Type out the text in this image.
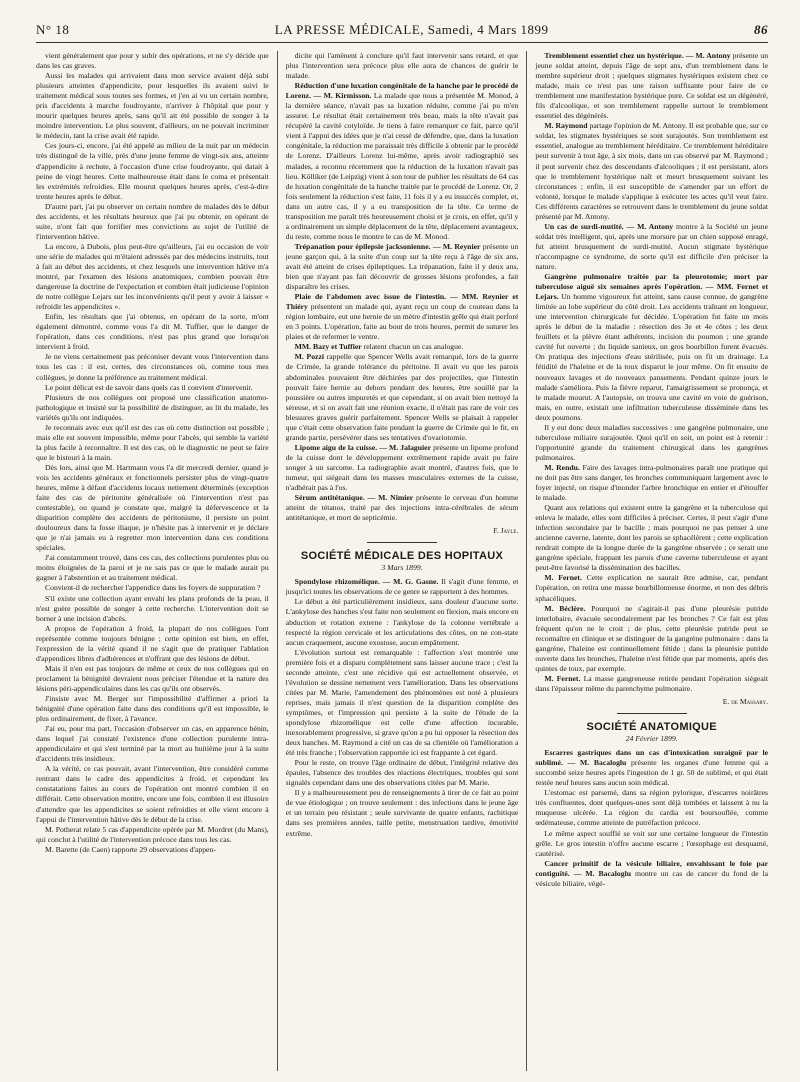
N° 18	LA PRESSE MÉDICALE, Samedi, 4 Mars 1899	86

vient généralement que pour y subir des opérations, et ne s'y décide que dans les cas graves.

Aussi les malades qui arrivaient dans mon service avaient déjà subi plusieurs atteintes d'appendicite, pour lesquelles ils avaient suivi le traitement médical sous toutes ses formes, et j'en ai vu un certain nombre, pris d'accidents à marche foudroyante, n'arriver à l'hôpital que pour y mourir quelques heures après, sans qu'il ait été possible de songer à la moindre intervention. Le plus souvent, d'ailleurs, on ne pouvait incriminer le médecin, tant la crise avait été rapide.

Ces jours-ci, encore, j'ai été appelé au milieu de la nuit par un médecin très distingué de la ville, près d'une jeune femme de vingt-six ans, atteinte d'appendicite à rechute, à l'occasion d'une crise foudroyante, qui datait à peine de vingt heures. Cette malheureuse était dans le coma et présentait les extrémités refroidies. Elle mourut quelques heures après, c'est-à-dire trente heures après le début.

D'autre part, j'ai pu observer un certain nombre de malades dès le début des accidents, et les résultats heureux que j'ai pu obtenir, en opérant de suite, n'ont fait que fortifier mes convictions au sujet de l'utilité de l'intervention hâtive.

La encore, à Dubois, plus peut-être qu'ailleurs, j'ai eu occasion de voir une série de malades qui m'étaient adressés par des médecins instruits, tout à fait au début des accidents, et chez lesquels une intervention hâtive m'a montré, par l'examen des lésions anatomiques, combien pouvait être dangereuse la doctrine de l'expectation et combien était judicieuse l'opinion de notre collègue Lejars sur les inconvénients qu'il peut y avoir à laisser « refroidir les appendicites ».

Enfin, les résultats que j'ai obtenus, en opérant de la sorte, m'ont également démontré, comme vous l'a dit M. Tuffier, que le danger de l'opération, dans ces conditions, n'est pas plus grand que lorsqu'on intervient à froid.

Je ne viens certainement pas préconiser devant vous l'intervention dans tous les cas : il est, certes, des circonstances où, comme tous mes collègues, je donne la préférence au traitement médical.

Le point délicat est de savoir dans quels cas il convient d'intervenir.

Plusieurs de nos collègues ont proposé une classification anatomo-pathologique et insisté sur la possibilité de distinguer, au lit du malade, les variétés qu'ils ont indiquées.

Je reconnais avec eux qu'il est des cas où cette distinction est possible ; mais elle est souvent impossible, même pour l'abcès, qui semble la variété la plus facile à reconnaître. Il est des cas, où le diagnostic ne peut se faire que le bistouri à la main.

Dès lors, ainsi que M. Hartmann vous l'a dit mercredi dernier, quand je vois les accidents généraux et fonctionnels persister plus de vingt-quatre heures, même à défaut d'accidents locaux nettement déterminés (exception faite des cas de péritonite généralisée où l'intervention n'est pas contestable), ou quand je constate que, malgré la défervescence et la disparition complète des accidents de péritonisme, il persiste un point douloureux dans la fosse iliaque, je n'hésite pas à intervenir et je déclare que je n'ai jamais eu à regretter mon intervention dans ces conditions spéciales.

J'ai constamment trouvé, dans ces cas, des collections purulentes plus ou moins éloignées de la paroi et je ne sais pas ce que le malade aurait pu gagner à l'abstention et au traitement médical.

Convient-il de rechercher l'appendice dans les foyers de suppuration ?

S'il existe une collection ayant envahi les plans profonds de la peau, il n'est guère possible de songer à cette recherche. L'intervention doit se borner à une incision d'abcès.

A propos de l'opération à froid, la plupart de nos collègues l'ont représentée comme toujours bénigne ; cette opinion est bien, en effet, l'expression de la vérité quand il ne s'agit que de pratiquer l'ablation d'appendices libres d'adhérences et n'offrant que des lésions de début.

Mais il n'en est pas toujours de même et ceux de nos collègues qui en proclament la bénignité devraient nous préciser l'étendue et la nature des lésions péri-appendiculaires dans les cas qu'ils ont observés.

J'insiste avec M. Berger sur l'impossibilité d'affirmer a priori la bénignité d'une opération faite dans des conditions qu'il est impossible, le plus ordinairement, de fixer, à l'avance.

J'ai eu, pour ma part, l'occasion d'observer un cas, en apparence bénin, dans lequel j'ai constaté l'existence d'une collection purulente intra-appendiculaire et qui s'est terminé par la mort au huitième jour à la suite d'accidents très insidieux.

A la vérité, ce cas pouvait, avant l'intervention, être considéré comme rentrant dans le cadre des appendicites à froid, et cependant les constatations faites au cours de l'opération ont montré combien il en différait. Cette observation montre, encore une fois, combien il est illusoire d'attendre que les appendicites se soient refroidies et elle vient encore à l'appui de l'intervention hâtive dès le début de la crise.

M. Potherat relate 5 cas d'appendicite opérée par M. Mordret (du Mans), qui conclut à l'utilité de l'intervention précoce dans tous les cas.

M. Barette (de Caen) rapporte 29 observations d'appen-

dicite qui l'amènent à conclure qu'il faut intervenir sans retard, et que plus l'intervention sera précoce plus elle aura de chances de guérir le malade.

Réduction d'une luxation congénitale de la hanche par le procédé de Lorenz. — M. Kirmisson. La malade que nous a présentée M. Monod, à la dernière séance, n'avait pas sa luxation réduite, comme j'ai pu m'en assurer. Le résultat était certainement très beau, mais la tête n'avait pas récupéré la cavité cotyloïde. Je tiens à faire remarquer ce fait, parce qu'il vient à l'appui des idées que je n'ai cessé de défendre, que, dans la luxation congénitale, la réduction me paraissait très difficile à obtenir par le procédé de Lorenz. D'ailleurs Lorenz lui-même, après avoir radiographié ses malades, a reconnu récemment que la réduction de la luxation n'avait pas lieu. Kölliker (de Leipzig) vient à son tour de publier les résultats de 64 cas de luxation congénitale de la hanche traitée par le procédé de Lorenz. Or, 2 fois seulement la réduction s'est faite, 11 fois il y a eu insuccès complet, et, dans un autre cas, il y a eu transposition de la tête. Ce terme de transposition me paraît très heureusement choisi et je crois, en effet, qu'il y a ordinairement un simple déplacement de la tête, déplacement avantageux, du reste, comme nous le montre le cas de M. Monod.

Trépanation pour épilepsie jacksonienne. — M. Reynier présente un jeune garçon qui, à la suite d'un coup sur la tête reçu à l'âge de six ans, avait été atteint de crises épileptiques. La trépanation, faite il y deux ans, bien que n'ayant pas fait découvrir de grosses lésions profondes, a fait disparaître les crises.

Plaie de l'abdomen avec issue de l'intestin. — MM. Reynier et Thiéry présentent un malade qui, ayant reçu un coup de couteau dans la région lombaire, eut une hernie de un mètre d'intestin grêle qui était perforé en 3 points. L'opération, faite au bout de trois heures, permit de suturer les plaies et de refermer le ventre.

MM. Bazy et Tuffier relatent chacun un cas analogue.

M. Pozzi rappelle que Spencer Wells avait remarqué, lors de la guerre de Crimée, la grande tolérance du péritoine. Il avait vu que les parois abdominales pouvaient être déchirées par des projectiles, que l'intestin pouvait faire hernie au dehors pendant des heures, être souillé par la poussière ou autres impuretés et que cependant, si on avait bien nettoyé la séreuse, et si on avait fait une réunion exacte, il n'était pas rare de voir ces blessures graves guérir parfaitement. Spencer Wells se plaisait à rappeler que c'était cette observation faite pendant la guerre de Crimée qui le fit, en grande partie, persévérer dans ses tentatives d'ovariotomie.

Lipome aigu de la cuisse. — M. Jalaguier présente un lipome profond de la cuisse dont le développement extrêmement rapide avait pu faire songer à un sarcome. La radiographie avait montré, d'autres fois, que le tumeur, qui siégeait dans les masses musculaires externes de la cuisse, n'adhérait pas à l'os.

Sérum antitétanique. — M. Nimier présente le cerveau d'un homme atteint de tétanos, traité par des injections intra-cérébrales de sérum antitétanique, et mort de septicémie.

F. Jayle.
SOCIÉTÉ MÉDICALE DES HOPITAUX
3 Mars 1899.

Spondylose rhizomélique. — M. G. Gasne. Il s'agit d'une femme, et jusqu'ici toutes les observations de ce genre se rapportent à des hommes.

Le début a été particulièrement insidieux, sans douleur d'aucune sorte. L'ankylose des hanches s'est faite non seulement en flexion, mais encore en abduction et rotation externe : l'ankylose de la colonne vertébrale a respecté la région cervicale et les articulations des côtes, on ne con-state aucun craquement, aucune exostose, aucun empâtement.

L'évolution surtout est remarquable : l'affection s'est montrée une première fois et a disparu complètement sans laisser aucune trace ; c'est la seconde atteinte, c'est une récidive qui est actuellement observée, et l'évolution se dessine nettement vers l'amélioration. Dans les observations citées par M. Marie, l'amendement des phénomènes est noté à plusieurs reprises, mais jamais il n'est question de la disparition complète des symptômes, et l'impression qui persiste à la suite de l'étude de la spondylose rhizomélique est celle d'une affection incurable, inexorablement progressive, si grave qu'on a pu lui opposer la résection des deux hanches. M. Raymond a cité un cas de sa clientèle où l'amélioration a été très franche ; l'observation rapportée ici est frappante à cet égard.

Pour le reste, on trouve l'âge ordinaire de début, l'intégrité relative des épaules, l'absence des troubles des réactions électriques, troubles qui sont signalés cependant dans une des observations citées par M. Marie.

Il y a malheureusement peu de renseignements à tirer de ce fait au point de vue étiologique ; on trouve seulement : des infections dans le jeune âge et un terrain peu résistant ; seule survivante de quatre enfants, rachitique dans ses premières années, taille petite, menstruation tardive, émotivité extrême.

Tremblement essentiel chez un hystérique. — M. Antony présente un jeune soldat atteint, depuis l'âge de sept ans, d'un tremblement dans le membre supérieur droit ; quelques stigmates hystériques existent chez ce malade, mais ce n'est pas une raison suffisante pour faire de ce tremblement une manifestation hystérique pure. Ce soldat est un dégénéré, fils d'alcoolique, et son tremblement rappelle surtout le tremblement essentiel des dégénérés.

M. Raymond partage l'opinion de M. Antony. Il est probable que, sur ce soldat, les stigmates hystériques se sont surajoutés. Son tremblement est essentiel, analogue au tremblement héréditaire. Ce tremblement héréditaire peut survenir à tout âge, à six mois, dans un cas observé par M. Raymond ; il peut survenir chez des descendants d'alcooliques ; il est persistant, alors que le tremblement hystérique naît et meurt brusquement suivant les circonstances ; enfin, il est susceptible de s'amender par un effort de volonté, lorsque le malade s'applique à exécuter les actes qu'il veut faire. Ces différents caractères se retrouvent dans le tremblement du jeune soldat présenté par M. Antony.

Un cas de surdi-mutité. — M. Antony montre à la Société un jeune soldat très intelligent, qui, après une morsure par un chien supposé enragé, fut atteint brusquement de surdi-mutité. Aucun stigmate hystérique n'accompagne ce syndrome, de sorte qu'il est difficile d'en préciser la nature.

Gangrène pulmonaire traitée par la pleurotomie; mort par tuberculose aiguë six semaines après l'opération. — MM. Fernet et Lejars. Un homme vigoureux fut atteint, sans cause connue, de gangrène limitée au lobe supérieur du côté droit. Les accidents traînant en longueur, une intervention chirurgicale fut décidée. L'opération fut faite un mois après le début de la maladie : résection des 3e et 4e côtes ; les deux feuillets et la plèvre étant adhérents, incision du poumon ; une grande cavité fut ouverte ; du liquide sanieux, un gros bourbillon furent évacués. On pratiqua des injections d'eau stérilisée, puis on fit un drainage. La fétidité de l'haleine et de la toux disparut le jour même. On fit ensuite de nouveaux lavages et de nouveaux pansements. Pendant quinze jours le malade s'améliora. Puis la fièvre reparut, l'amaigrissement se prononça, et le malade mourut. A l'autopsie, on trouva une cavité en voie de guérison, mais, en outre, existait une infiltration tuberculeuse disséminée dans les deux poumons.

Il y eut donc deux maladies successives : une gangrène pulmonaire, une tuberculose miliaire surajoutée. Quoi qu'il en soit, un point est à retenir : l'opportunité grande du traitement chirurgical dans les gangrènes pulmonaires.

M. Rendu. Faire des lavages intra-pulmonaires paraît une pratique qui ne doit pas être sans danger, les bronches communiquant largement avec le foyer injecté, on risque d'inonder l'arbre bronchique en entier et d'étouffer le malade.

Quant aux relations qui existent entre la gangrène et la tuberculose qui enleva le malade, elles sont difficiles à préciser. Certes, il peut s'agir d'une infection secondaire par le bacille ; mais pourquoi ne pas penser à une ancienne caverne, latente, dont les parois se sphacélèrent ; cette explication rendrait compte de la longue durée de la gangrène observée ; ce serait une gangrène spéciale, frappant les parois d'une caverne tuberculeuse et ayant peut-être favorisé la dissémination des bacilles.

M. Fernet. Cette explication ne saurait être admise, car, pendant l'opération, on retira une masse bourbillonneuse énorme, et non des débris sphacéliques.

M. Béclère. Pourquoi ne s'agirait-il pas d'une pleurésie putride interlobaire, évacuée secondairement par les bronches ? Ce fait est plus fréquent qu'on ne le croit ; de plus, cette pleurésie putride peut se reconnaître en clinique et se distinguer de la gangrène pulmonaire : dans la gangrène, l'haleine est continuellement fétide ; dans la pleurésie putride ouverte dans les bronches, l'haleine n'est fétide que par moments, après des quintes de toux, par exemple.

M. Fernet. La masse gangreneuse retirée pendant l'opération siégeait dans l'épaisseur même du parenchyme pulmonaire.

E. de Massary.
SOCIÉTÉ ANATOMIQUE
24 Février 1899.

Escarres gastriques dans un cas d'intoxication suraiguë par le sublimé. — M. Bacaloglu présente les organes d'une femme qui a succombé seize heures après l'ingestion de 1 gr. 50 de sublimé, et qui était restée neuf heures sans aucun soin médical.

L'estomac est parsemé, dans sa région pylorique, d'escarres noirâtres très confluentes, dont quelques-unes sont déjà tombées et laissent à nu la muqueuse ulcérée. La région du cardia est boursouflée, comme œdémateuse, comme atteinte de putréfaction précoce.

Le même aspect soufflé se voit sur une certaine longueur de l'intestin grêle. Le gros intestin n'offre aucune escarre ; l'œsophage est desquamé, cautérisé.

Cancer primitif de la vésicule biliaire, envahissant le foie par contiguïté. — M. Bacaloglu montre un cas de cancer du fond de la vésicule biliaire, végé-
